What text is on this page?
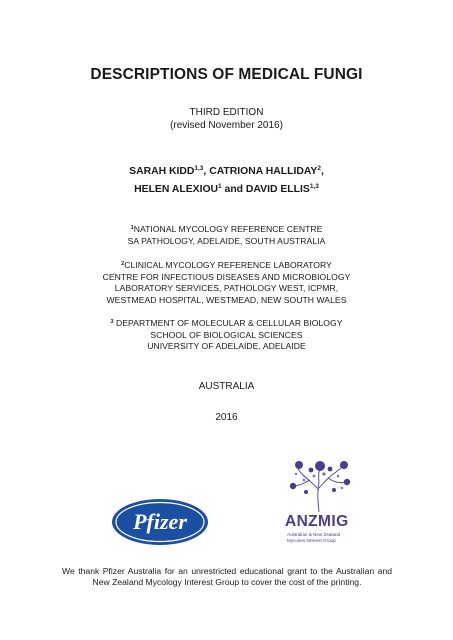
DESCRIPTIONS OF MEDICAL FUNGI
THIRD EDITION
(revised November 2016)
SARAH KIDD$^{1,3}$, CATRIONA HALLIDAY$^2$,
HELEN ALEXIOU$^1$ and DAVID ELLIS$^{1,3}$
$^1$NATIONAL MYCOLOGY REFERENCE CENTRE
SA PATHOLOGY, ADELAIDE, SOUTH AUSTRALIA
$^2$CLINICAL MYCOLOGY REFERENCE LABORATORY
CENTRE FOR INFECTIOUS DISEASES AND MICROBIOLOGY
LABORATORY SERVICES, PATHOLOGY WEST, ICPMR,
WESTMEAD HOSPITAL, WESTMEAD, NEW SOUTH WALES
$^3$ DEPARTMENT OF MOLECULAR & CELLULAR BIOLOGY
SCHOOL OF BIOLOGICAL SCIENCES
UNIVERSITY OF ADELAIDE, ADELAIDE
AUSTRALIA
2016
Pfizer	ANZMIG
Australian & New Zealand
Mycoses Interest Group
We thank Pfizer Australia for an unrestricted educational grant to the Australian and New Zealand Mycology Interest Group to cover the cost of the printing.
